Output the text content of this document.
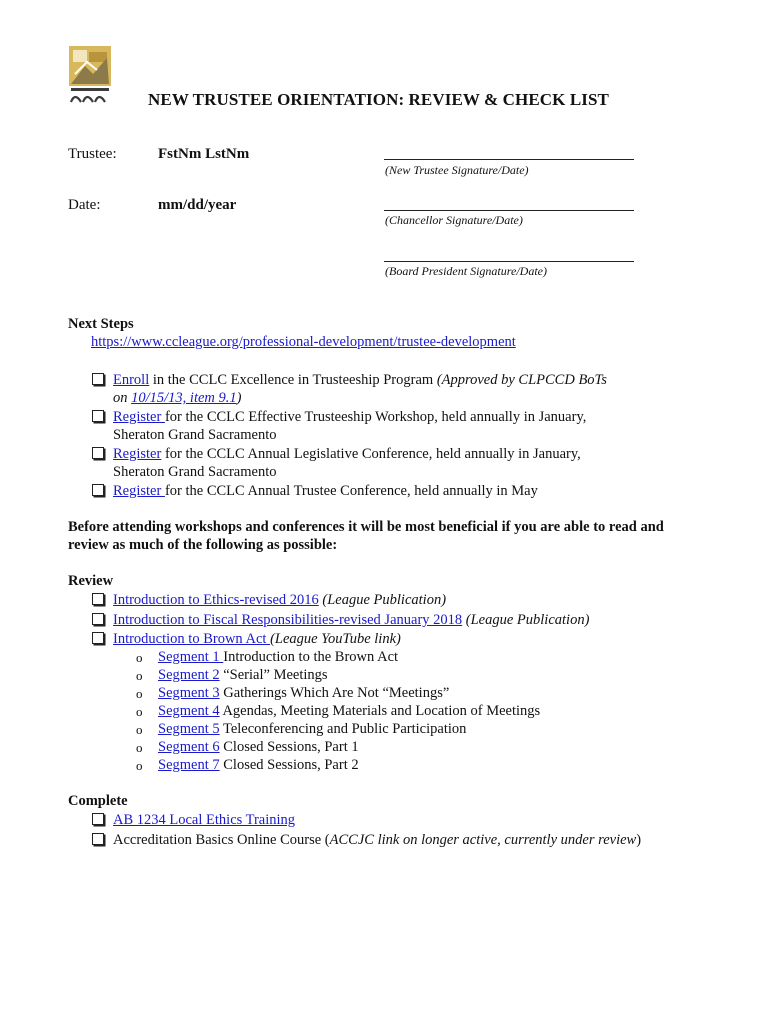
NEW TRUSTEE ORIENTATION: REVIEW & CHECK LIST
Trustee:	FstNm LstNm
(New Trustee Signature/Date)
Date:	mm/dd/year
(Chancellor Signature/Date)
(Board President Signature/Date)
Next Steps
https://www.ccleague.org/professional-development/trustee-development
Enroll in the CCLC Excellence in Trusteeship Program (Approved by CLPCCD BoTs
on 10/15/13, item 9.1)
Register for the CCLC Effective Trusteeship Workshop, held annually in January,
Sheraton Grand Sacramento
Register for the CCLC Annual Legislative Conference, held annually in January,
Sheraton Grand Sacramento
Register for the CCLC Annual Trustee Conference, held annually in May
Before attending workshops and conferences it will be most beneficial if you are able to read and
review as much of the following as possible:
Review
Introduction to Ethics-revised 2016 (League Publication)
Introduction to Fiscal Responsibilities-revised January 2018 (League Publication)
Introduction to Brown Act (League YouTube link)
o Segment 1 Introduction to the Brown Act
o Segment 2 “Serial” Meetings
o Segment 3 Gatherings Which Are Not “Meetings”
o Segment 4 Agendas, Meeting Materials and Location of Meetings
o Segment 5 Teleconferencing and Public Participation
o Segment 6 Closed Sessions, Part 1
o Segment 7 Closed Sessions, Part 2
Complete
AB 1234 Local Ethics Training
Accreditation Basics Online Course (ACCJC link on longer active, currently under review)
